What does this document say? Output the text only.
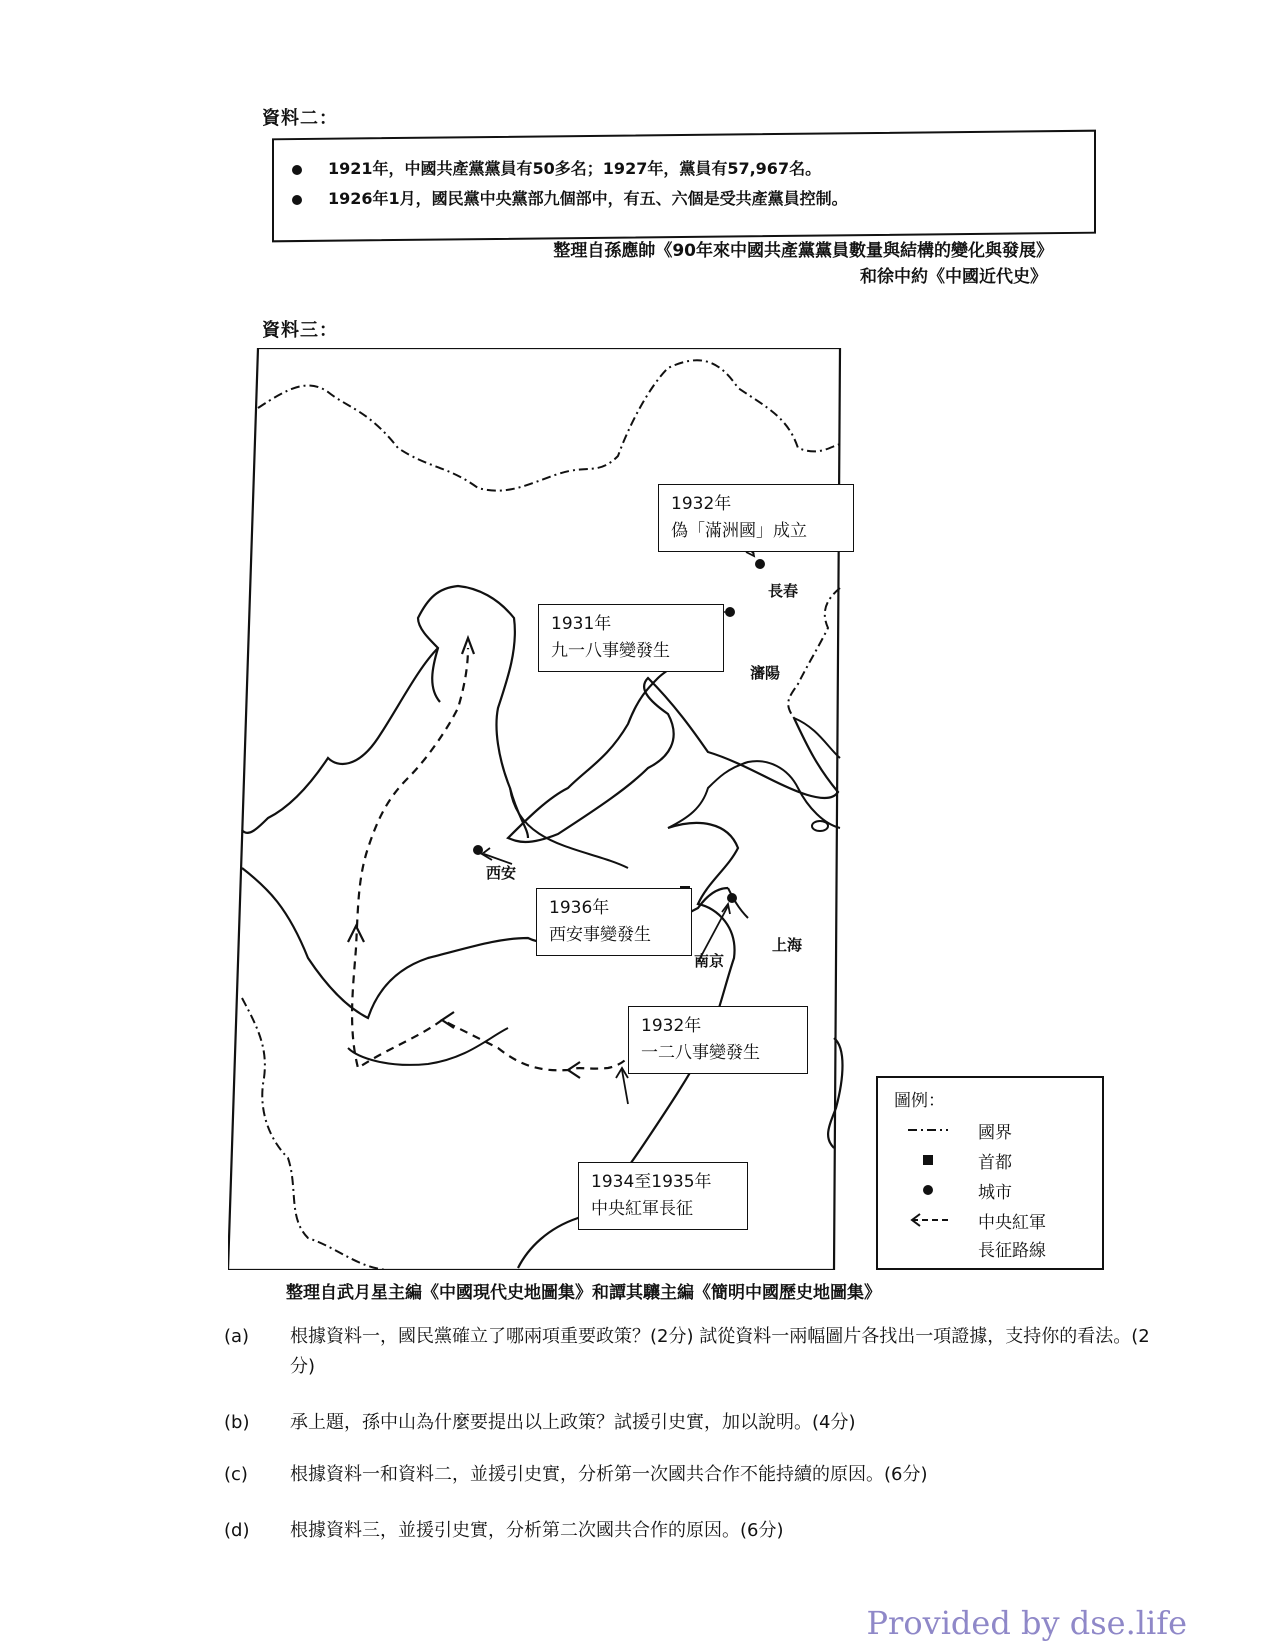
資料二：
1921年，中國共產黨黨員有50多名；1927年，黨員有57,967名。
1926年1月，國民黨中央黨部九個部中，有五、六個是受共產黨員控制。
整理自孫應帥《90年來中國共產黨黨員數量與結構的變化與發展》
和徐中約《中國近代史》
資料三：
1932年
偽「滿洲國」成立
1931年
九一八事變發生
1936年
西安事變發生
1932年
一二八事變發生
1934至1935年
中央紅軍長征
長春
瀋陽
西安
南京
上海
圖例：
國界
首都
城市
中央紅軍
長征路線
整理自武月星主編《中國現代史地圖集》和譚其驤主編《簡明中國歷史地圖集》
(a)	根據資料一，國民黨確立了哪兩項重要政策？(2分) 試從資料一兩幅圖片各找出一項證據，支持你的看法。(2分)
(b)	承上題，孫中山為什麼要提出以上政策？試援引史實，加以說明。(4分)
(c)	根據資料一和資料二，並援引史實，分析第一次國共合作不能持續的原因。(6分)
(d)	根據資料三，並援引史實，分析第二次國共合作的原因。(6分)
Provided by dse.life
